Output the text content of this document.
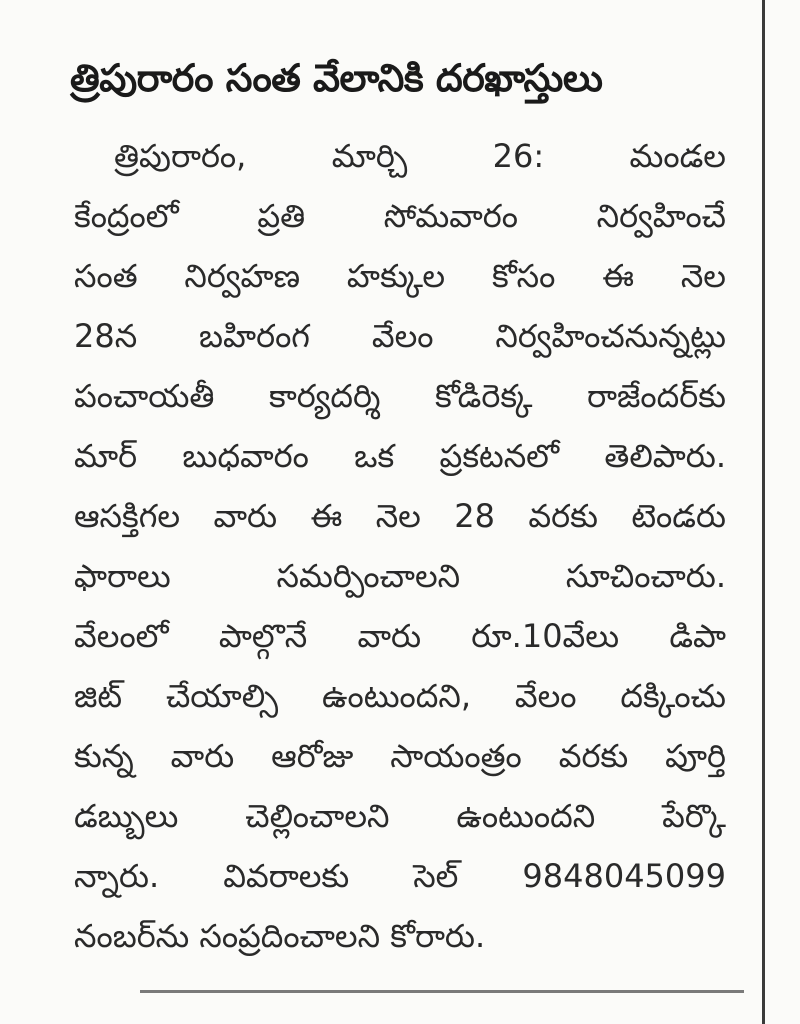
త్రిపురారం సంత వేలానికి దరఖాస్తులు
త్రిపురారం, మార్చి 26: మండల
కేంద్రంలో ప్రతి సోమవారం నిర్వహించే
సంత నిర్వహణ హక్కుల కోసం ఈ నెల
28న బహిరంగ వేలం నిర్వహించనున్నట్లు
పంచాయతీ కార్యదర్శి కోడిరెక్క రాజేందర్‌కు
మార్ బుధవారం ఒక ప్రకటనలో తెలిపారు.
ఆసక్తిగల వారు ఈ నెల 28 వరకు టెండరు
ఫారాలు సమర్పించాలని సూచించారు.
వేలంలో పాల్గొనే వారు రూ.10వేలు డిపా
జిట్ చేయాల్సి ఉంటుందని, వేలం దక్కించు
కున్న వారు ఆరోజు సాయంత్రం వరకు పూర్తి
డబ్బులు చెల్లించాలని ఉంటుందని పేర్కొ
న్నారు. వివరాలకు సెల్ 9848045099
నంబర్‌ను సంప్రదించాలని కోరారు.
